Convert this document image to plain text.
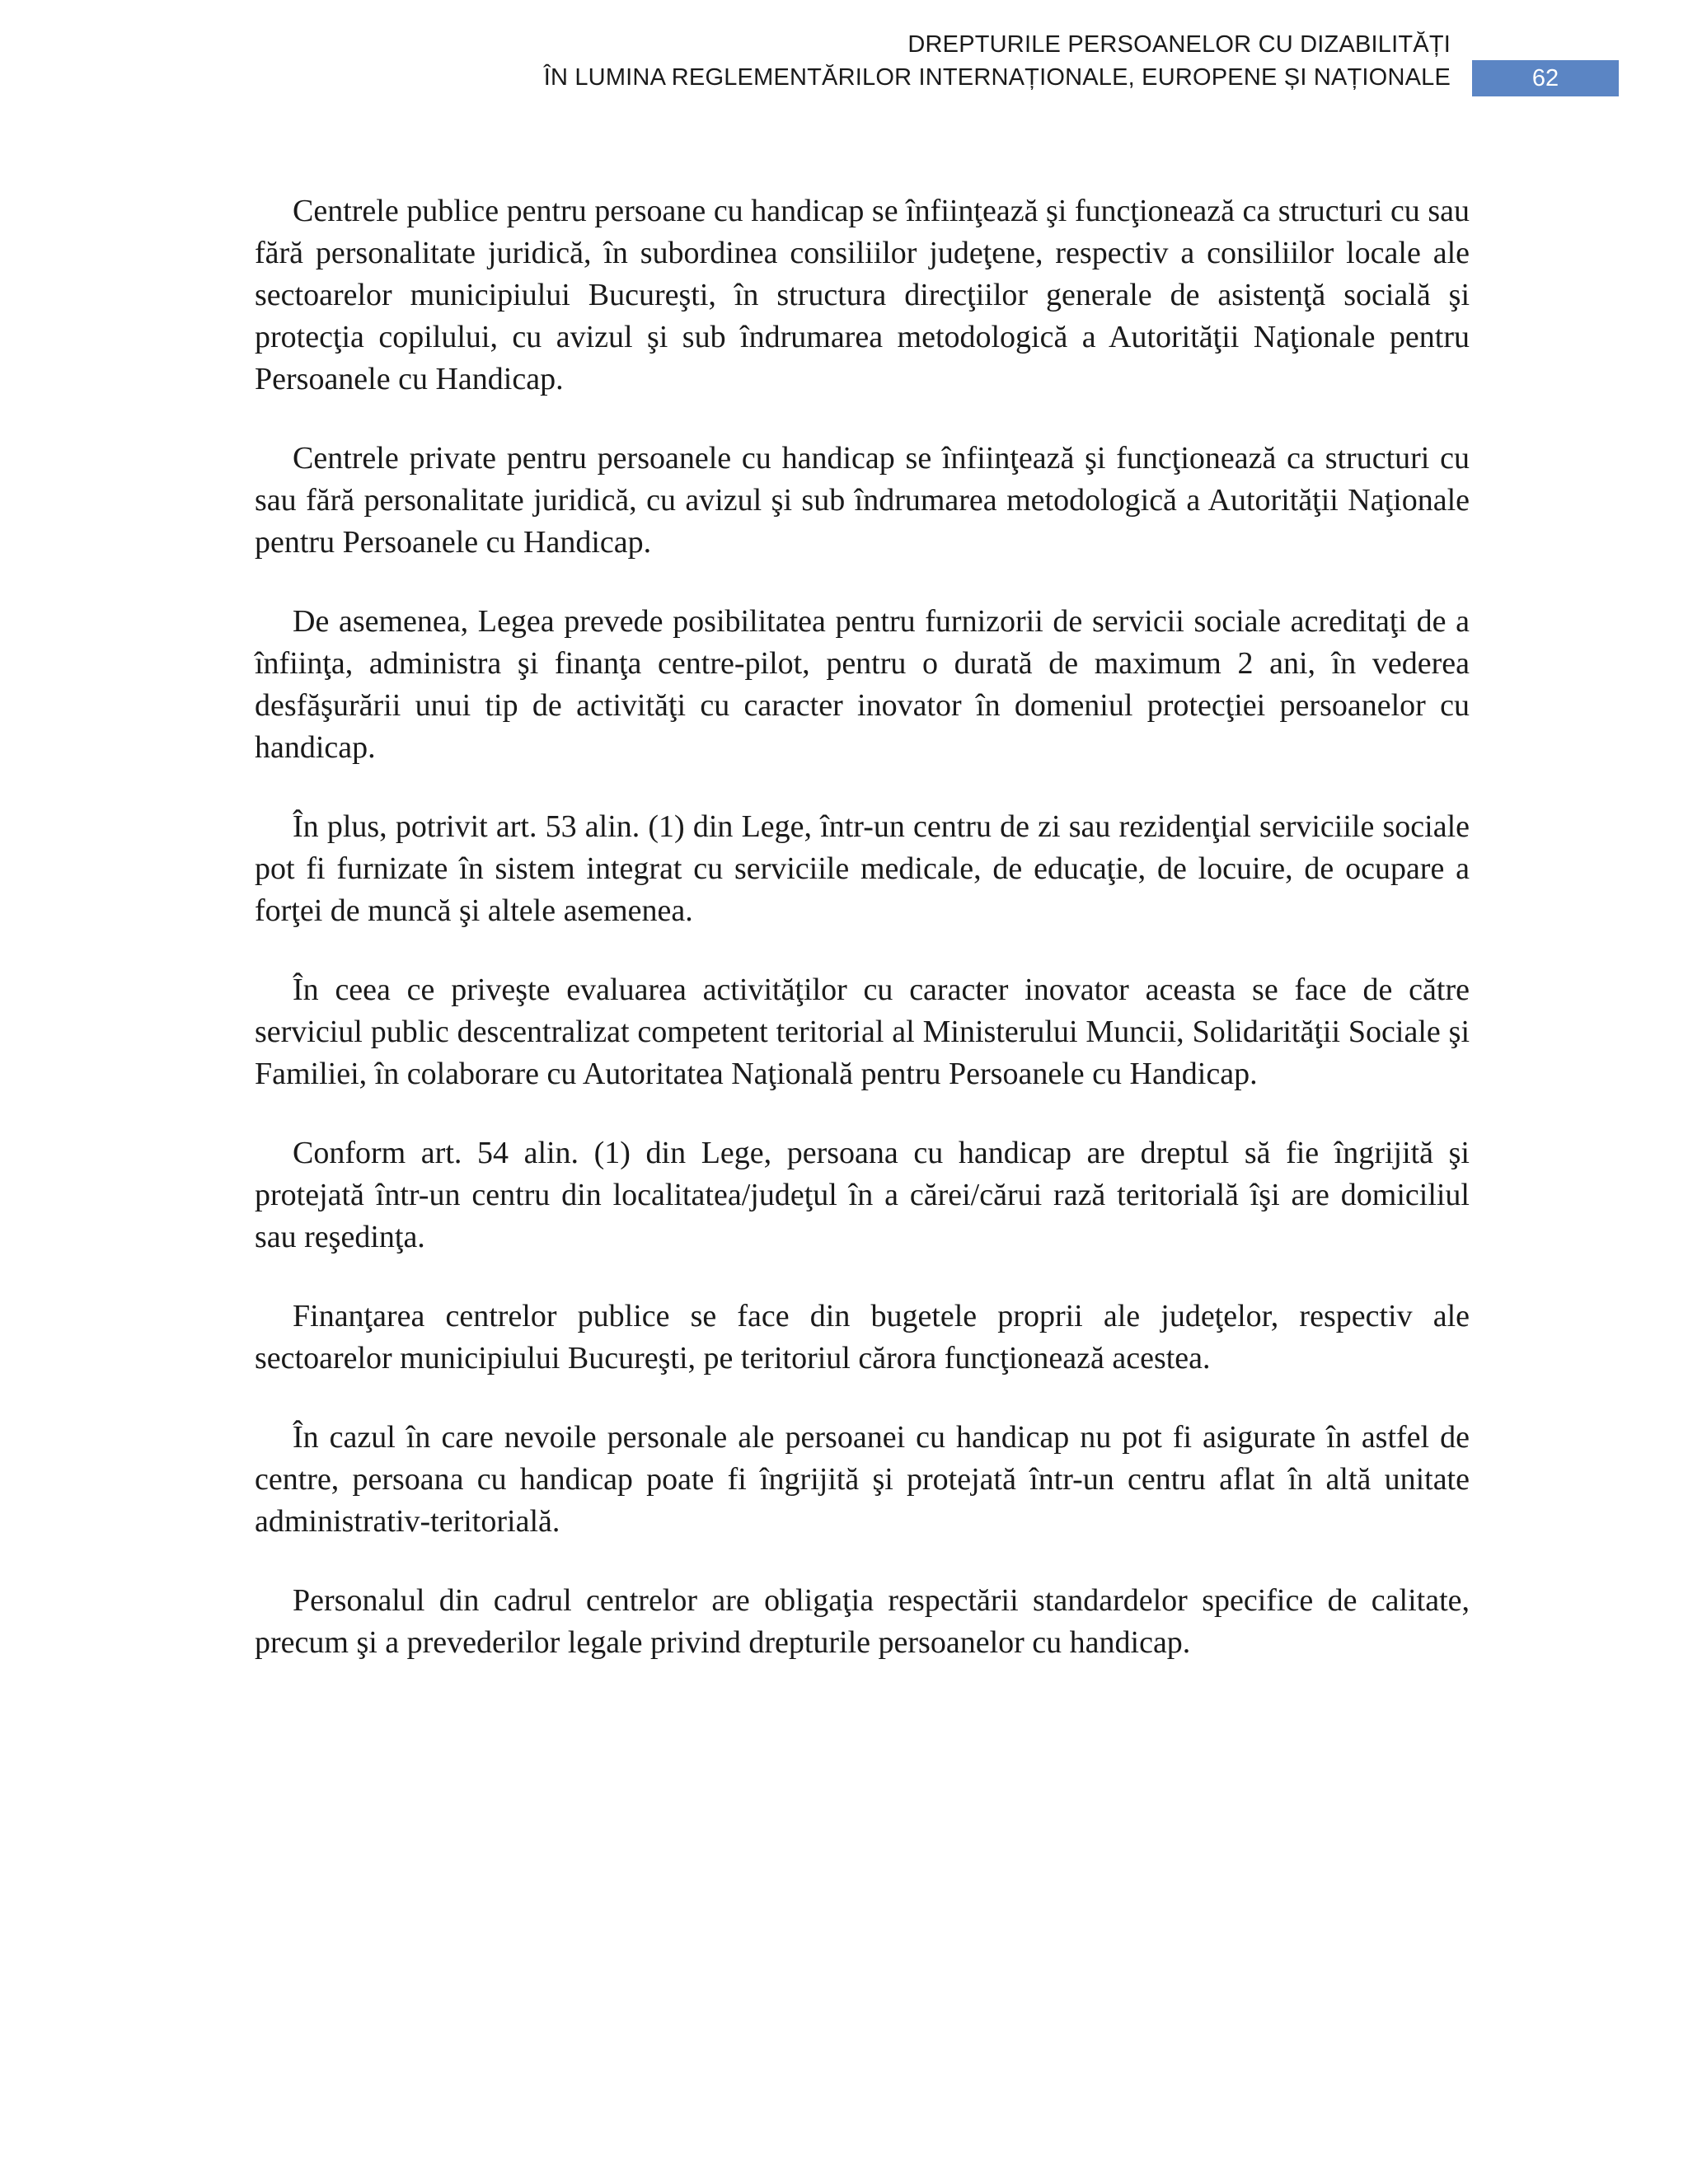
DREPTURILE PERSOANELOR CU DIZABILITĂȚI
ÎN LUMINA REGLEMENTĂRILOR INTERNAȚIONALE, EUROPENE ȘI NAȚIONALE	62

Centrele publice pentru persoane cu handicap se înfiinţează şi funcţionează ca structuri cu sau fără personalitate juridică, în subordinea consiliilor judeţene, respectiv a consiliilor locale ale sectoarelor municipiului Bucureşti, în structura direcţiilor generale de asistenţă socială şi protecţia copilului, cu avizul şi sub îndrumarea metodologică a Autorităţii Naţionale pentru Persoanele cu Handicap.

Centrele private pentru persoanele cu handicap se înfiinţează şi funcţionează ca structuri cu sau fără personalitate juridică, cu avizul şi sub îndrumarea metodologică a Autorităţii Naţionale pentru Persoanele cu Handicap.

De asemenea, Legea prevede posibilitatea pentru furnizorii de servicii sociale acreditaţi de a înfiinţa, administra şi finanţa centre-pilot, pentru o durată de maximum 2 ani, în vederea desfăşurării unui tip de activităţi cu caracter inovator în domeniul protecţiei persoanelor cu handicap.

În plus, potrivit art. 53 alin. (1) din Lege, într-un centru de zi sau rezidenţial serviciile sociale pot fi furnizate în sistem integrat cu serviciile medicale, de educaţie, de locuire, de ocupare a forţei de muncă şi altele asemenea.

În ceea ce priveşte evaluarea activităţilor cu caracter inovator aceasta se face de către serviciul public descentralizat competent teritorial al Ministerului Muncii, Solidarităţii Sociale şi Familiei, în colaborare cu Autoritatea Naţională pentru Persoanele cu Handicap.

Conform art. 54 alin. (1) din Lege, persoana cu handicap are dreptul să fie îngrijită şi protejată într-un centru din localitatea/judeţul în a cărei/cărui rază teritorială îşi are domiciliul sau reşedinţa.

Finanţarea centrelor publice se face din bugetele proprii ale judeţelor, respectiv ale sectoarelor municipiului Bucureşti, pe teritoriul cărora funcţionează acestea.

În cazul în care nevoile personale ale persoanei cu handicap nu pot fi asigurate în astfel de centre, persoana cu handicap poate fi îngrijită şi protejată într-un centru aflat în altă unitate administrativ-teritorială.

Personalul din cadrul centrelor are obligaţia respectării standardelor specifice de calitate, precum şi a prevederilor legale privind drepturile persoanelor cu handicap.
